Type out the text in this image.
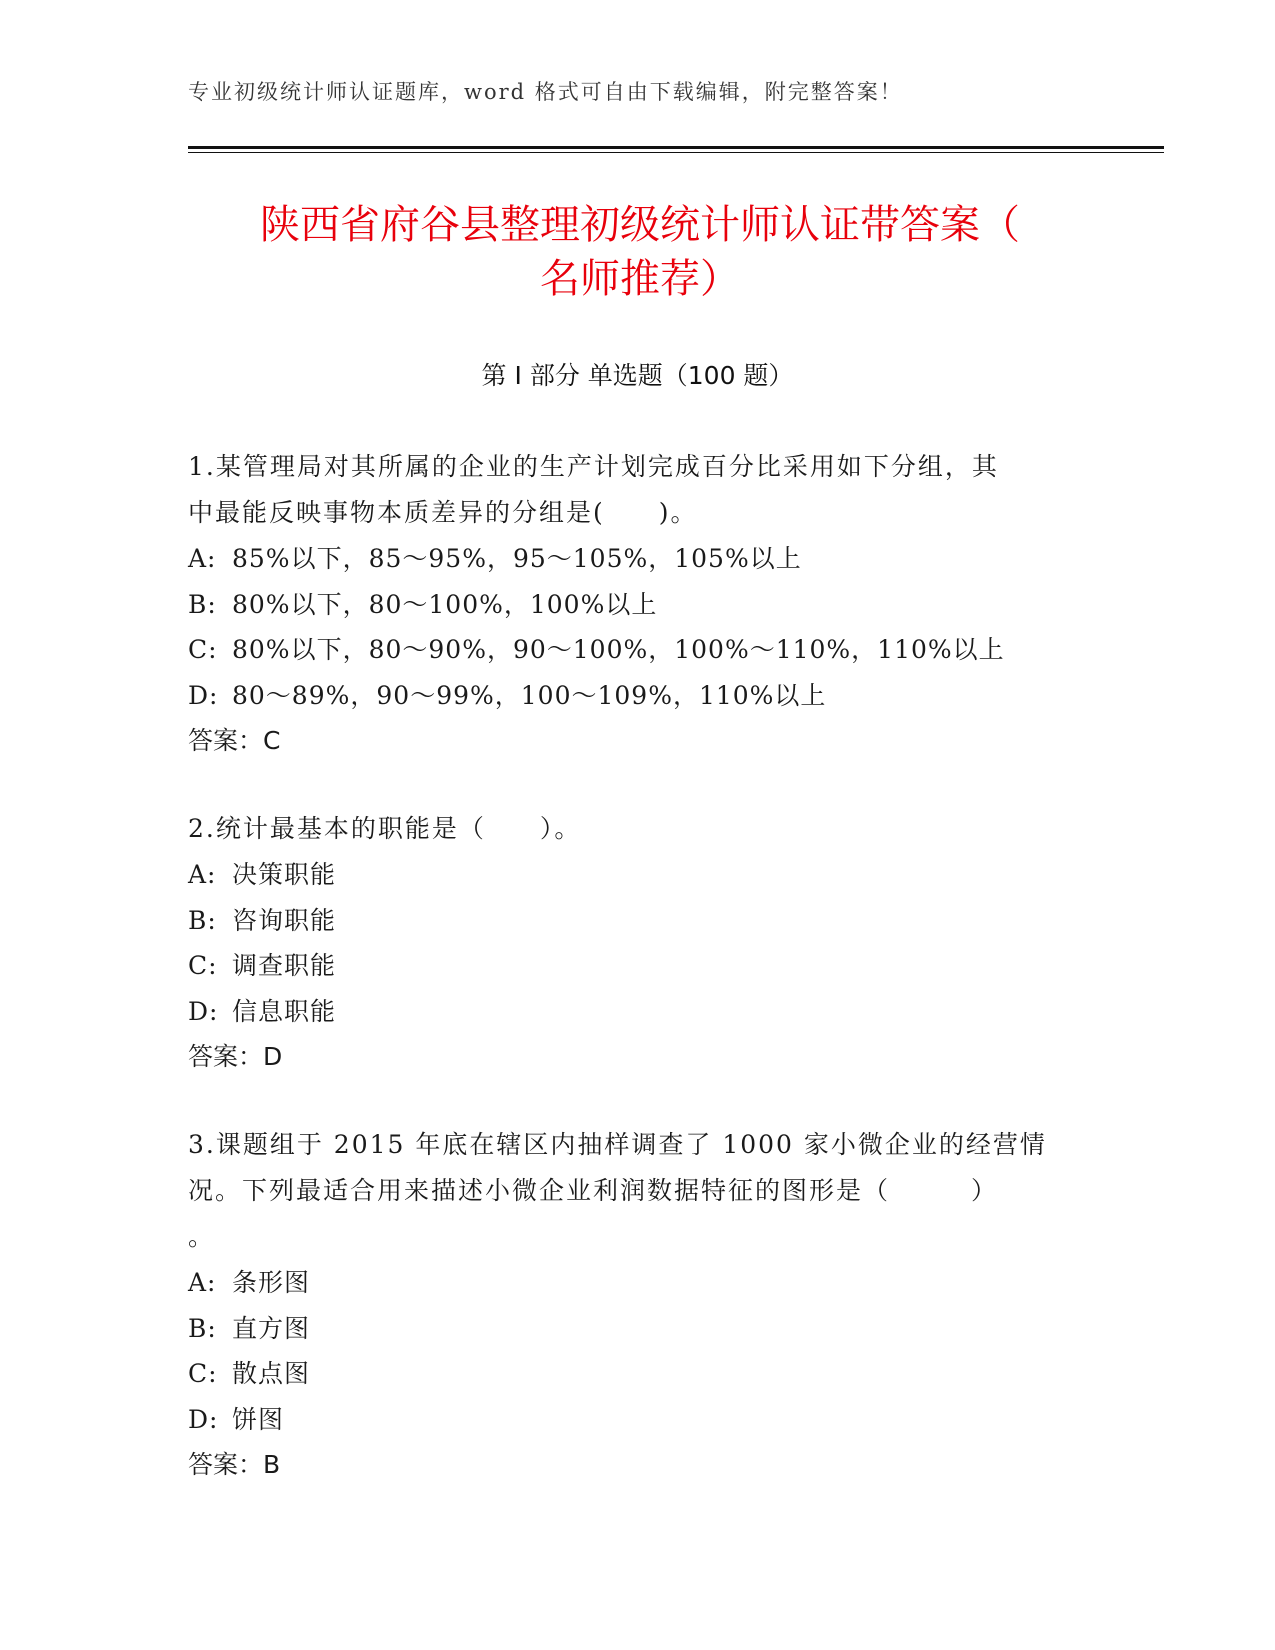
专业初级统计师认证题库，word 格式可自由下载编辑，附完整答案！
陕西省府谷县整理初级统计师认证带答案（
名师推荐）
第 I 部分 单选题（100 题）

1.某管理局对其所属的企业的生产计划完成百分比采用如下分组，其
中最能反映事物本质差异的分组是(　　)。

A: 85%以下，85～95%，95～105%，105%以上

B: 80%以下，80～100%，100%以上

C: 80%以下，80～90%，90～100%，100%～110%，110%以上

D: 80～89%，90～99%，100～109%，110%以上

答案：C

2.统计最基本的职能是（　　）。

A: 决策职能

B: 咨询职能

C: 调查职能

D: 信息职能

答案：D

3.课题组于 2015 年底在辖区内抽样调查了 1000 家小微企业的经营情
况。下列最适合用来描述小微企业利润数据特征的图形是（　　　）
。

A: 条形图

B: 直方图

C: 散点图

D: 饼图

答案：B
